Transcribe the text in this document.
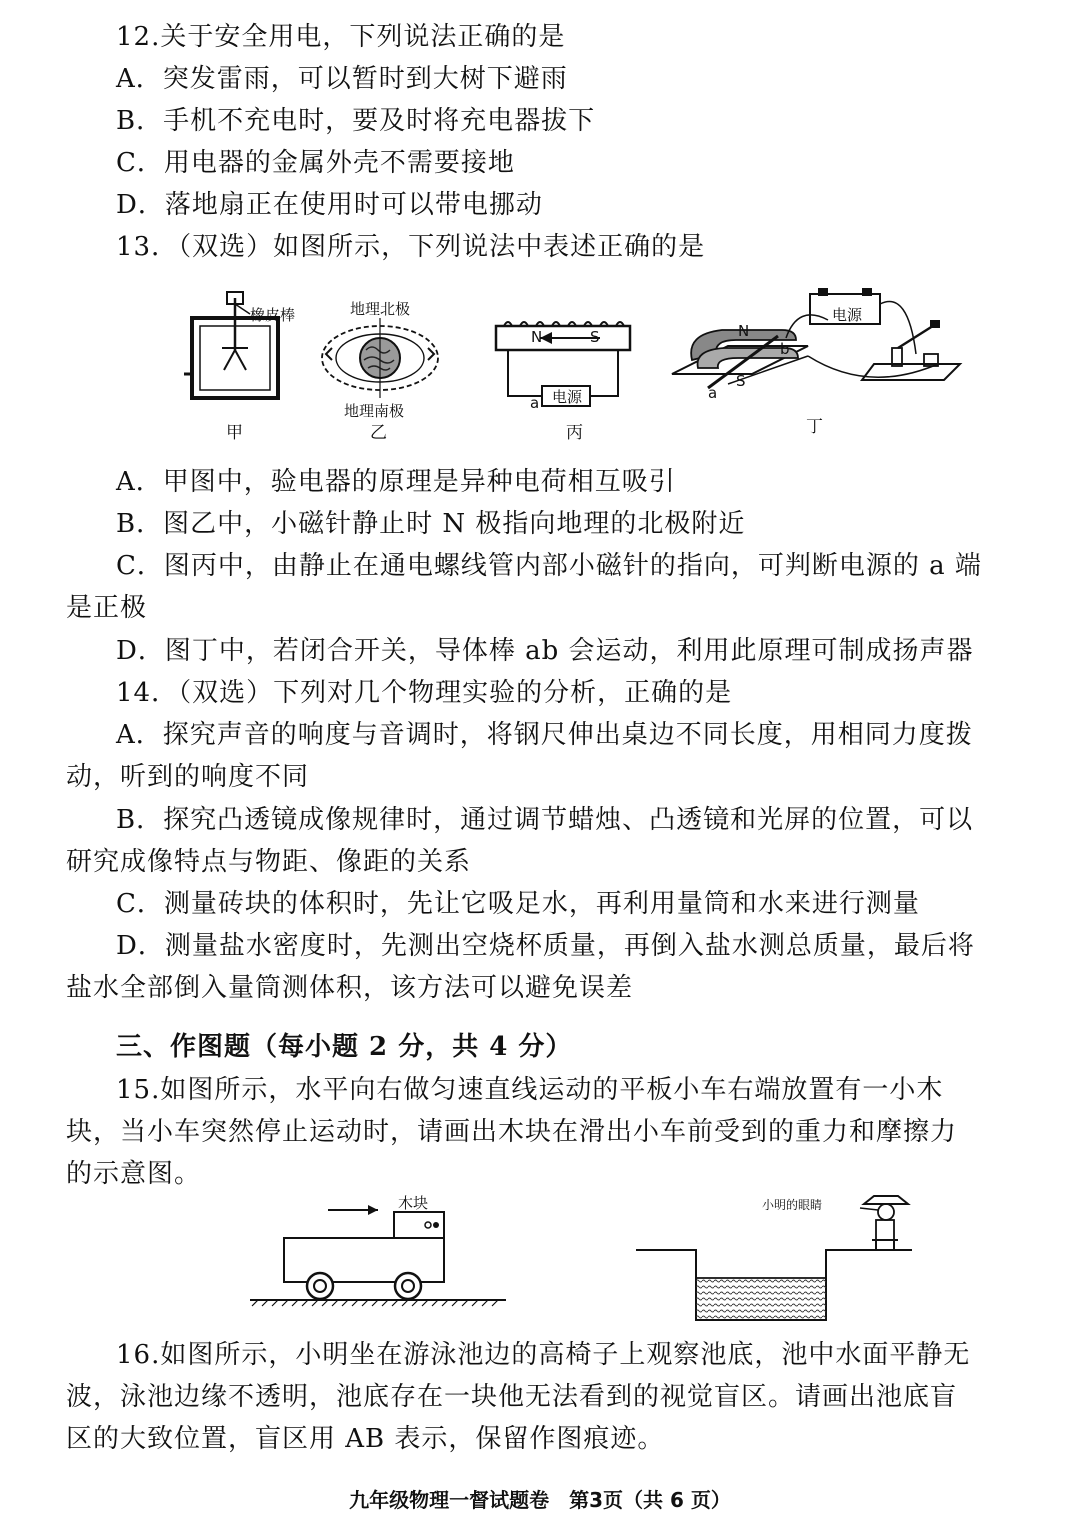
12.关于安全用电，下列说法正确的是
A．突发雷雨，可以暂时到大树下避雨
B．手机不充电时，要及时将充电器拔下
C．用电器的金属外壳不需要接地
D．落地扇正在使用时可以带电挪动
13．（双选）如图所示，下列说法中表述正确的是
橡皮棒
甲
地理北极
地理南极
乙
N	S
电源
a
丙
电源
N
S
a
b
丁
A．甲图中，验电器的原理是异种电荷相互吸引
B．图乙中，小磁针静止时 N 极指向地理的北极附近
C．图丙中，由静止在通电螺线管内部小磁针的指向，可判断电源的 a 端
是正极
D．图丁中，若闭合开关，导体棒 ab 会运动，利用此原理可制成扬声器
14．（双选）下列对几个物理实验的分析，正确的是
A．探究声音的响度与音调时，将钢尺伸出桌边不同长度，用相同力度拨
动，听到的响度不同
B．探究凸透镜成像规律时，通过调节蜡烛、凸透镜和光屏的位置，可以
研究成像特点与物距、像距的关系
C．测量砖块的体积时，先让它吸足水，再利用量筒和水来进行测量
D．测量盐水密度时，先测出空烧杯质量，再倒入盐水测总质量，最后将
盐水全部倒入量筒测体积，该方法可以避免误差
三、作图题（每小题 2 分，共 4 分）
15.如图所示，水平向右做匀速直线运动的平板小车右端放置有一小木
块，当小车突然停止运动时，请画出木块在滑出小车前受到的重力和摩擦力
的示意图。
木块	小明的眼睛
16.如图所示，小明坐在游泳池边的高椅子上观察池底，池中水面平静无
波，泳池边缘不透明，池底存在一块他无法看到的视觉盲区。请画出池底盲
区的大致位置，盲区用 AB 表示，保留作图痕迹。
九年级物理一督试题卷　第3页（共 6 页）
